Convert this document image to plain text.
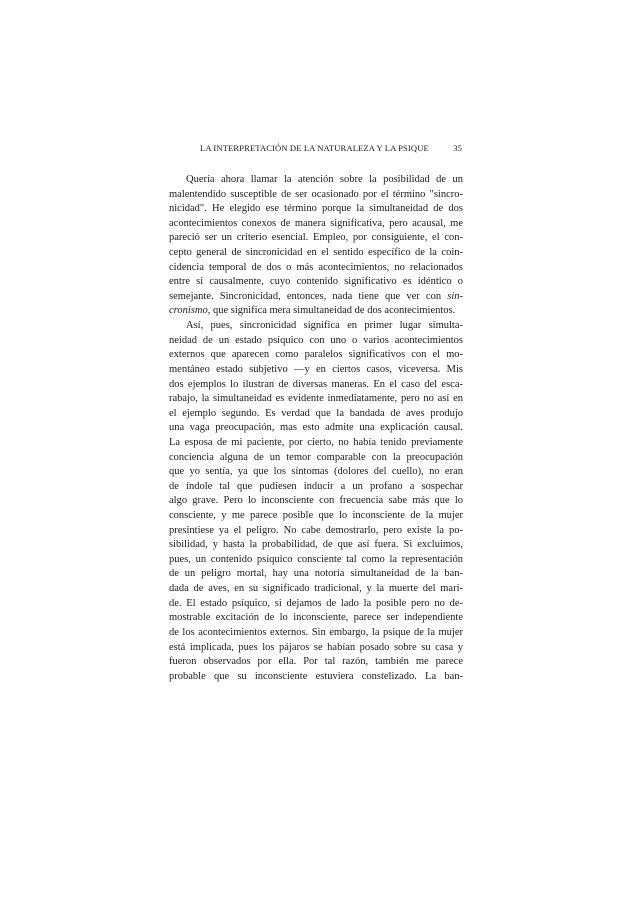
LA INTERPRETACIÓN DE LA NATURALEZA Y LA PSIQUE	35
Quería ahora llamar la atención sobre la posibilidad de un
malentendido susceptible de ser ocasionado por el término "sincro-
nicidad". He elegido ese término porque la simultaneidad de dos
acontecimientos conexos de manera significativa, pero acausal, me
pareció ser un criterio esencial. Empleo, por consiguiente, el con-
cepto general de sincronicidad en el sentido específico de la coin-
cidencia temporal de dos o más acontecimientos, no relacionados
entre sí causalmente, cuyo contenido significativo es idéntico o
semejante. Sincronicidad, entonces, nada tiene que ver con sin-
cronismo, que significa mera simultaneidad de dos acontecimientos.
Así, pues, sincronicidad significa en primer lugar simulta-
neidad de un estado psíquico con uno o varios acontecimientos
externos que aparecen como paralelos significativos con el mo-
mentáneo estado subjetivo —y en ciertos casos, viceversa. Mis
dos ejemplos lo ilustran de diversas maneras. En el caso del esca-
rabajo, la simultaneidad es evidente inmediatamente, pero no así en
el ejemplo segundo. Es verdad que la bandada de aves produjo
una vaga preocupación, mas esto admite una explicación causal.
La esposa de mi paciente, por cierto, no había tenido previamente
conciencia alguna de un temor comparable con la preocupación
que yo sentía, ya que los síntomas (dolores del cuello), no eran
de índole tal que pudiesen inducir a un profano a sospechar
algo grave. Pero lo inconsciente con frecuencia sabe más que lo
consciente, y me parece posible que lo inconsciente de la mujer
presintiese ya el peligro. No cabe demostrarlo, pero existe la po-
sibilidad, y hasta la probabilidad, de que así fuera. Si excluimos,
pues, un contenido psíquico consciente tal como la representación
de un peligro mortal, hay una notoria simultaneidad de la ban-
dada de aves, en su significado tradicional, y la muerte del mari-
de. El estado psíquico, si dejamos de lado la posible pero no de-
mostrable excitación de lo inconsciente, parece ser independiente
de los acontecimientos externos. Sin embargo, la psique de la mujer
está implicada, pues los pájaros se habían posado sobre su casa y
fueron observados por ella. Por tal razón, también me parece
probable que su inconsciente estuviera constelizado. La ban-
